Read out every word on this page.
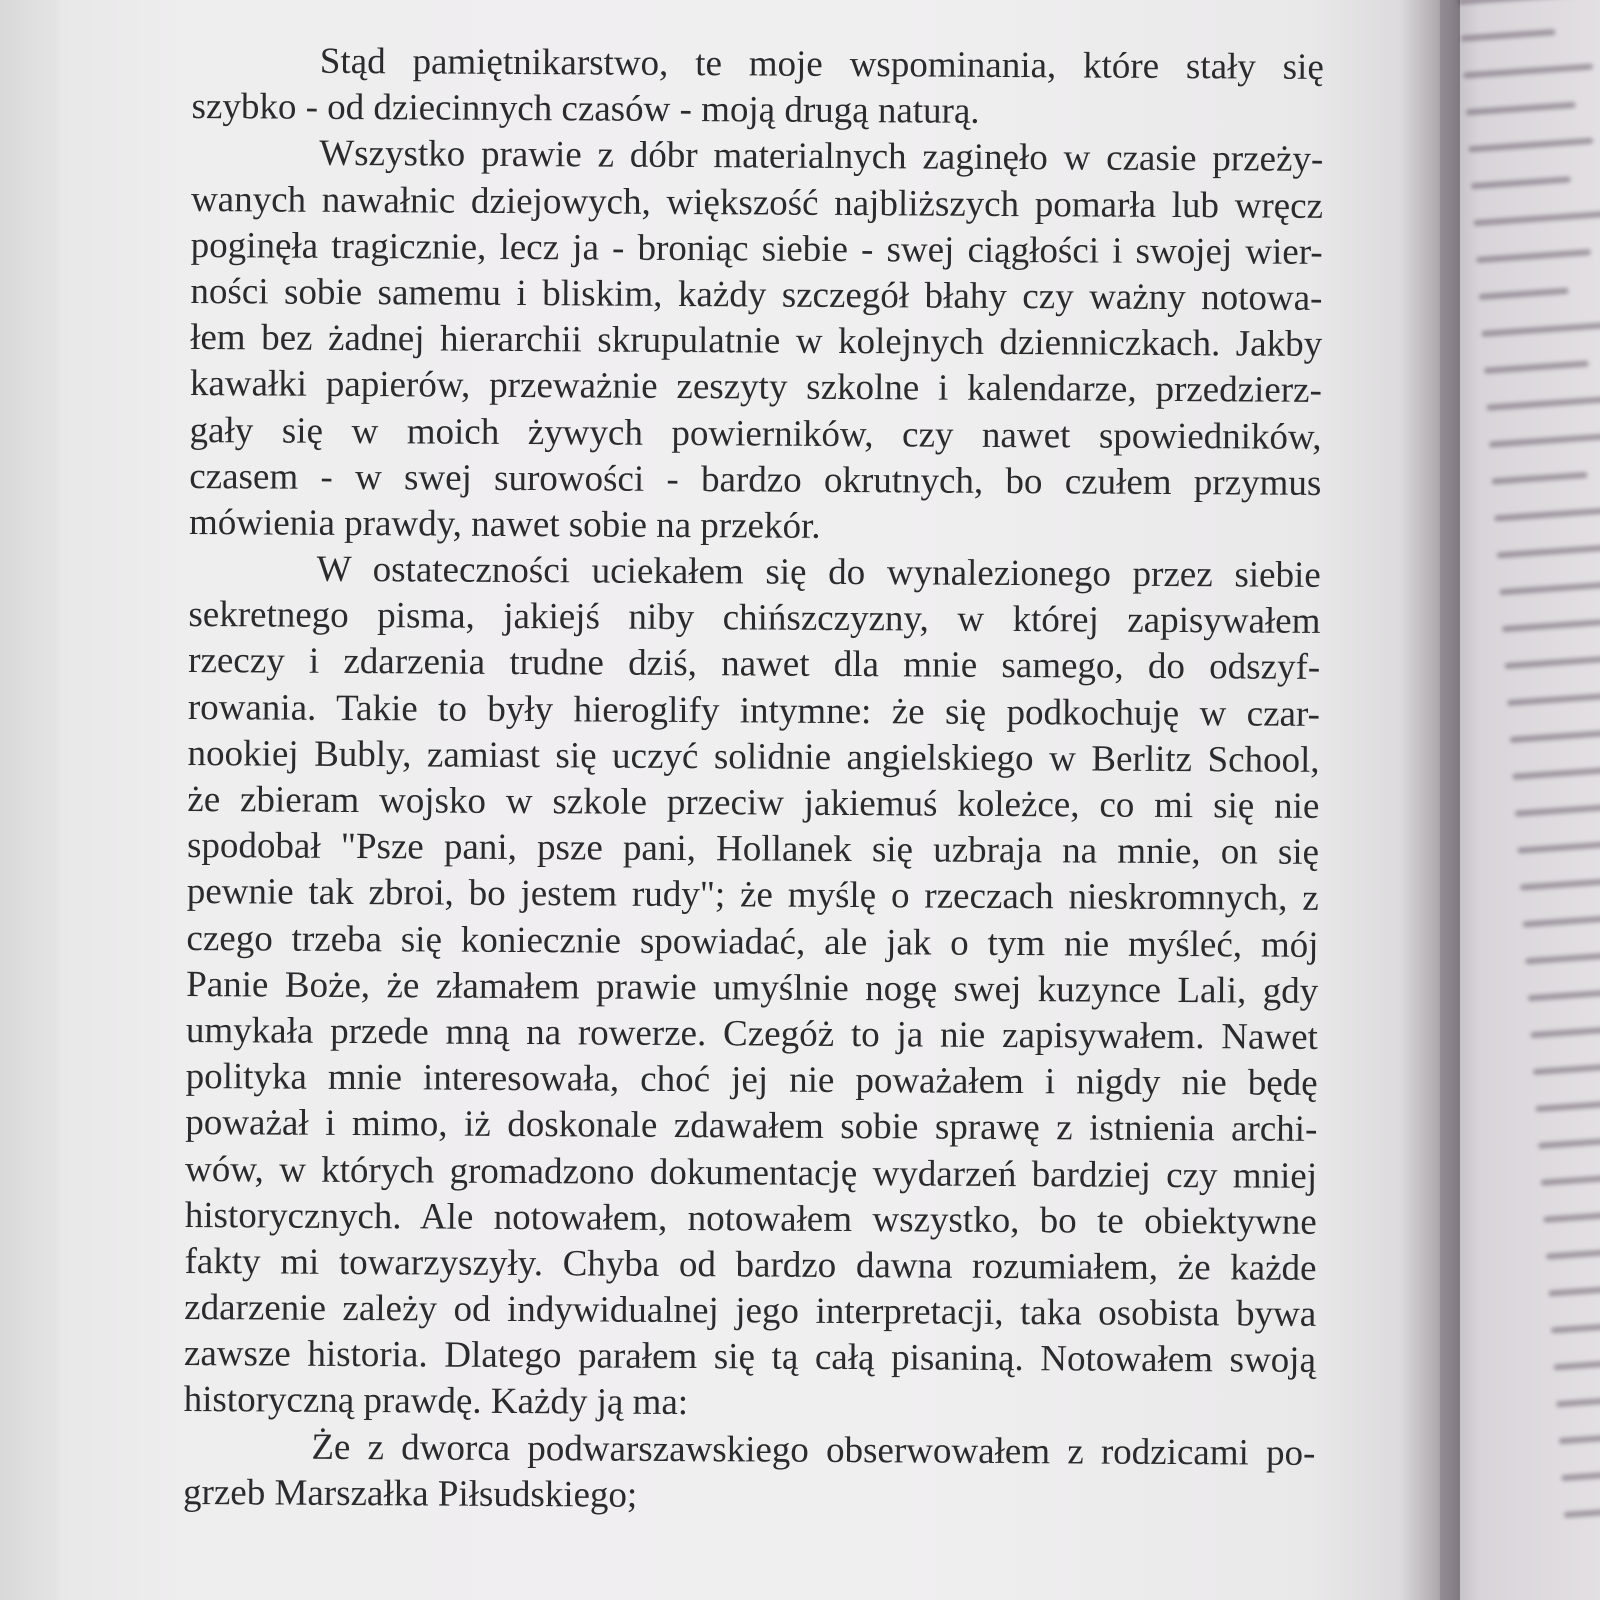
Stąd pamiętnikarstwo, te moje wspominania, które stały się
szybko - od dziecinnych czasów - moją drugą naturą.
Wszystko prawie z dóbr materialnych zaginęło w czasie przeży-
wanych nawałnic dziejowych, większość najbliższych pomarła lub wręcz
poginęła tragicznie, lecz ja - broniąc siebie - swej ciągłości i swojej wier-
ności sobie samemu i bliskim, każdy szczegół błahy czy ważny notowa-
łem bez żadnej hierarchii skrupulatnie w kolejnych dzienniczkach. Jakby
kawałki papierów, przeważnie zeszyty szkolne i kalendarze, przedzierz-
gały się w moich żywych powierników, czy nawet spowiedników,
czasem - w swej surowości - bardzo okrutnych, bo czułem przymus
mówienia prawdy, nawet sobie na przekór.
W ostateczności uciekałem się do wynalezionego przez siebie
sekretnego pisma, jakiejś niby chińszczyzny, w której zapisywałem
rzeczy i zdarzenia trudne dziś, nawet dla mnie samego, do odszyf-
rowania. Takie to były hieroglify intymne: że się podkochuję w czar-
nookiej Bubly, zamiast się uczyć solidnie angielskiego w Berlitz School,
że zbieram wojsko w szkole przeciw jakiemuś koleżce, co mi się nie
spodobał "Psze pani, psze pani, Hollanek się uzbraja na mnie, on się
pewnie tak zbroi, bo jestem rudy"; że myślę o rzeczach nieskromnych, z
czego trzeba się koniecznie spowiadać, ale jak o tym nie myśleć, mój
Panie Boże, że złamałem prawie umyślnie nogę swej kuzynce Lali, gdy
umykała przede mną na rowerze. Czegóż to ja nie zapisywałem. Nawet
polityka mnie interesowała, choć jej nie poważałem i nigdy nie będę
poważał i mimo, iż doskonale zdawałem sobie sprawę z istnienia archi-
wów, w których gromadzono dokumentację wydarzeń bardziej czy mniej
historycznych. Ale notowałem, notowałem wszystko, bo te obiektywne
fakty mi towarzyszyły. Chyba od bardzo dawna rozumiałem, że każde
zdarzenie zależy od indywidualnej jego interpretacji, taka osobista bywa
zawsze historia. Dlatego parałem się tą całą pisaniną. Notowałem swoją
historyczną prawdę. Każdy ją ma:
Że z dworca podwarszawskiego obserwowałem z rodzicami po-
grzeb Marszałka Piłsudskiego;
